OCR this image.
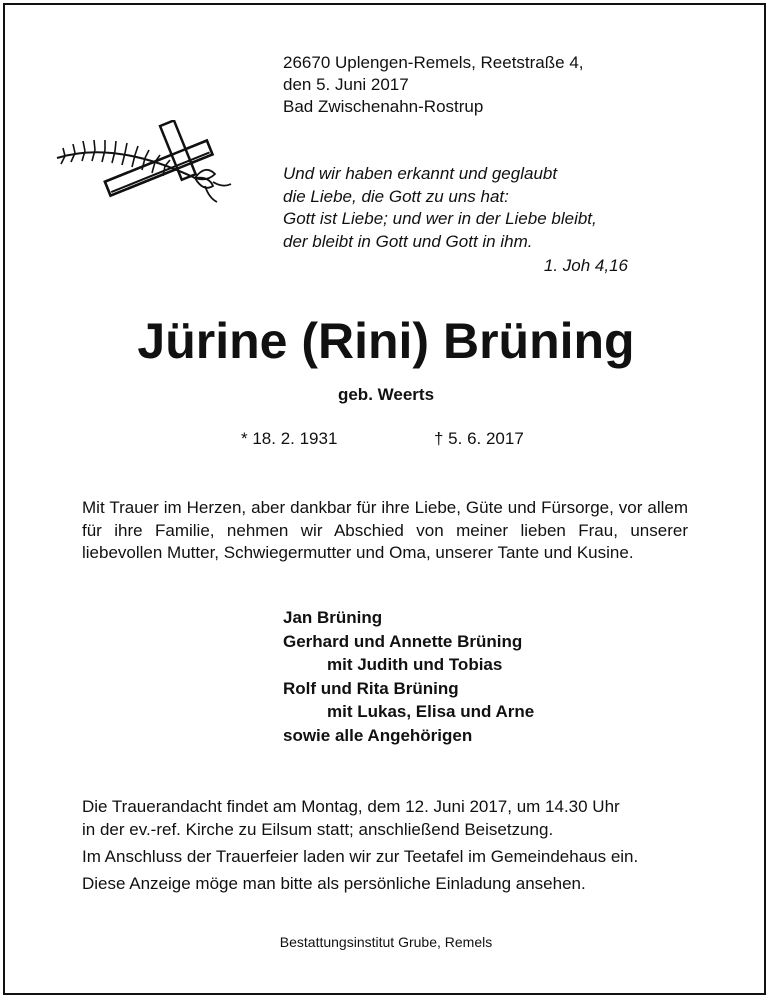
26670 Uplengen-Remels, Reetstraße 4,
den 5. Juni 2017
Bad Zwischenahn-Rostrup
Und wir haben erkannt und geglaubt
die Liebe, die Gott zu uns hat:
Gott ist Liebe; und wer in der Liebe bleibt,
der bleibt in Gott und Gott in ihm.
1. Joh 4,16
Jürine (Rini) Brüning
geb. Weerts
* 18. 2. 1931	† 5. 6. 2017
Mit Trauer im Herzen, aber dankbar für ihre Liebe, Güte und Fürsorge, vor allem für ihre Familie, nehmen wir Abschied von meiner lieben Frau, unserer liebevollen Mutter, Schwiegermutter und Oma, unserer Tante und Kusine.
Jan Brüning
Gerhard und Annette Brüning
mit Judith und Tobias
Rolf und Rita Brüning
mit Lukas, Elisa und Arne
sowie alle Angehörigen
Die Trauerandacht findet am Montag, dem 12. Juni 2017, um 14.30 Uhr
in der ev.-ref. Kirche zu Eilsum statt; anschließend Beisetzung.
Im Anschluss der Trauerfeier laden wir zur Teetafel im Gemeindehaus ein.
Diese Anzeige möge man bitte als persönliche Einladung ansehen.
Bestattungsinstitut Grube, Remels
